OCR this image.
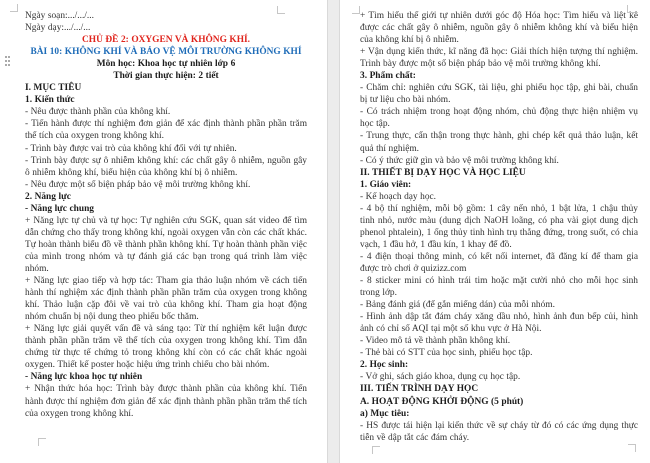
Ngày soạn:.../.../...

Ngày dạy:.../.../...

CHỦ ĐỀ 2: OXYGEN VÀ KHÔNG KHÍ.

BÀI 10: KHÔNG KHÍ VÀ BẢO VỆ MÔI TRƯỜNG KHÔNG KHÍ

Môn học: Khoa học tự nhiên lớp 6

Thời gian thực hiện: 2 tiết

I. MỤC TIÊU

1. Kiến thức

- Nêu được thành phần của không khí.

- Tiến hành được thí nghiệm đơn giản để xác định thành phần phần trăm thể tích của oxygen trong không khí.

- Trình bày được vai trò của không khí đối với tự nhiên.

- Trình bày được sự ô nhiễm không khí: các chất gây ô nhiễm, nguồn gây ô nhiễm không khí, biểu hiện của không khí bị ô nhiễm.

- Nêu được một số biện pháp bảo vệ môi trường không khí.

2. Năng lực

- Năng lực chung

+ Năng lực tự chủ và tự học: Tự nghiên cứu SGK, quan sát video để tìm dẫn chứng cho thấy trong không khí, ngoài oxygen vẫn còn các chất khác. Tự hoàn thành biểu đồ về thành phần không khí. Tự hoàn thành phần việc của mình trong nhóm và tự đánh giá các bạn trong quá trình làm việc nhóm.

+ Năng lực giao tiếp và hợp tác: Tham gia thảo luận nhóm về cách tiến hành thí nghiệm xác định thành phần phần trăm của oxygen trong không khí. Thảo luận cặp đôi về vai trò của không khí. Tham gia hoạt động nhóm chuẩn bị nội dung theo phiếu bốc thăm.

+ Năng lực giải quyết vấn đề và sáng tạo: Từ thí nghiệm kết luận được thành phần phần trăm về thể tích của oxygen trong không khí. Tìm dẫn chứng từ thực tế chứng tỏ trong không khí còn có các chất khác ngoài oxygen. Thiết kế poster hoặc hiệu ứng trình chiếu cho bài nhóm.

- Năng lực khoa học tự nhiên

+ Nhận thức hóa học: Trình bày được thành phần của không khí. Tiến hành được thí nghiệm đơn giản để xác định thành phần phần trăm thể tích của oxygen trong không khí.

+ Tìm hiểu thế giới tự nhiên dưới góc độ Hóa học: Tìm hiểu và liệt kê được các chất gây ô nhiễm, nguồn gây ô nhiễm không khí và biểu hiện của không khí bị ô nhiễm.

+ Vận dụng kiến thức, kĩ năng đã học: Giải thích hiện tượng thí nghiệm. Trình bày được một số biện pháp bảo vệ môi trường không khí.

3. Phẩm chất:

- Chăm chỉ: nghiên cứu SGK, tài liệu, ghi phiếu học tập, ghi bài, chuẩn bị tư liệu cho bài nhóm.

- Có trách nhiệm trong hoạt động nhóm, chủ động thực hiện nhiệm vụ học tập.

- Trung thực, cẩn thận trong thực hành, ghi chép kết quả thảo luận, kết quả thí nghiệm.

- Có ý thức giữ gìn và bảo vệ môi trường không khí.

II. THIẾT BỊ DẠY HỌC VÀ HỌC LIỆU

1. Giáo viên:

- Kế hoạch dạy học.

- 4 bộ thí nghiệm, mỗi bộ gồm: 1 cây nến nhỏ, 1 bật lửa, 1 chậu thủy tinh nhỏ, nước màu (dung dịch NaOH loãng, có pha vài giọt dung dịch phenol phtalein), 1 ống thủy tinh hình trụ thẳng đứng, trong suốt, có chia vạch, 1 đầu hở, 1 đầu kín, 1 khay để đồ.

- 4 điện thoại thông minh, có kết nối internet, đã đăng kí để tham gia được trò chơi ở quizizz.com

- 8 sticker mini có hình trái tim hoặc mặt cười nhỏ cho mỗi học sinh trong lớp.

- Bảng đánh giá (để gắn miếng dán) của mỗi nhóm.

- Hình ảnh dập tắt đám cháy xăng dầu nhỏ, hình ảnh đun bếp củi, hình ảnh có chỉ số AQI tại một số khu vực ở Hà Nội.

- Video mô tả về thành phần không khí.

- Thẻ bài có STT của học sinh, phiếu học tập.

2. Học sinh:

- Vở ghi, sách giáo khoa, dụng cụ học tập.

III. TIẾN TRÌNH DẠY HỌC

A. HOẠT ĐỘNG KHỞI ĐỘNG (5 phút)

a) Mục tiêu:

- HS được tái hiện lại kiến thức về sự cháy từ đó có các ứng dụng thực tiễn về dập tắt các đám cháy.
